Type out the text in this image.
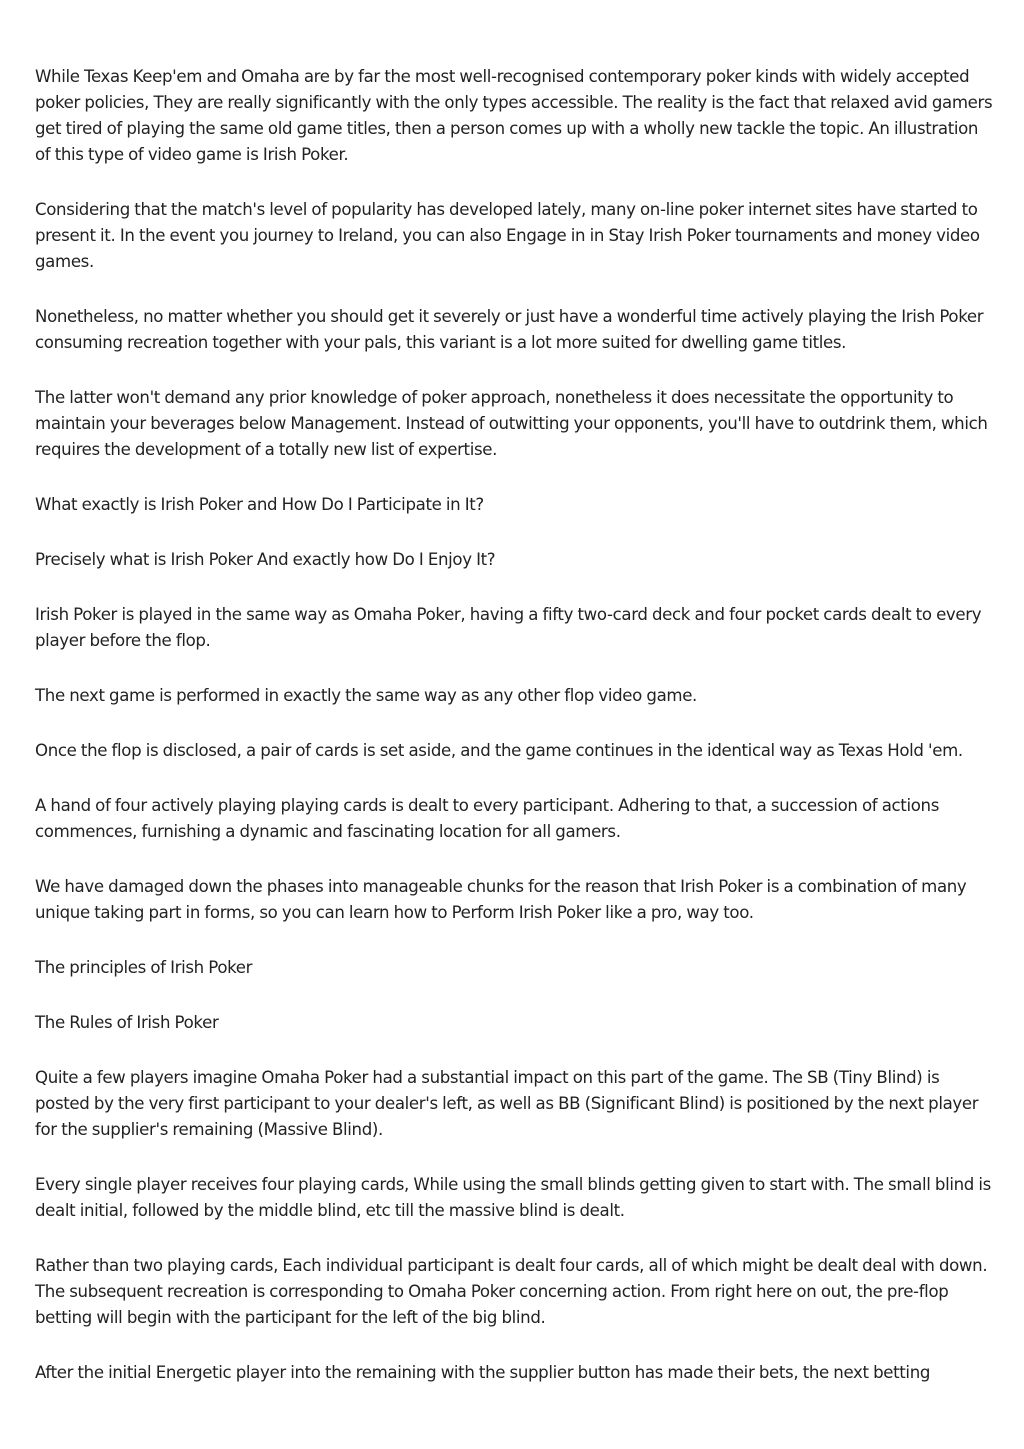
While Texas Keep'em and Omaha are by far the most well-recognised contemporary poker kinds with widely accepted poker policies, They are really significantly with the only types accessible. The reality is the fact that relaxed avid gamers get tired of playing the same old game titles, then a person comes up with a wholly new tackle the topic. An illustration of this type of video game is Irish Poker.

Considering that the match's level of popularity has developed lately, many on-line poker internet sites have started to present it. In the event you journey to Ireland, you can also Engage in in Stay Irish Poker tournaments and money video games.

Nonetheless, no matter whether you should get it severely or just have a wonderful time actively playing the Irish Poker consuming recreation together with your pals, this variant is a lot more suited for dwelling game titles.

The latter won't demand any prior knowledge of poker approach, nonetheless it does necessitate the opportunity to maintain your beverages below Management. Instead of outwitting your opponents, you'll have to outdrink them, which requires the development of a totally new list of expertise.

What exactly is Irish Poker and How Do I Participate in It?

Precisely what is Irish Poker And exactly how Do I Enjoy It?

Irish Poker is played in the same way as Omaha Poker, having a fifty two-card deck and four pocket cards dealt to every player before the flop.

The next game is performed in exactly the same way as any other flop video game.

Once the flop is disclosed, a pair of cards is set aside, and the game continues in the identical way as Texas Hold 'em.

A hand of four actively playing playing cards is dealt to every participant. Adhering to that, a succession of actions commences, furnishing a dynamic and fascinating location for all gamers.

We have damaged down the phases into manageable chunks for the reason that Irish Poker is a combination of many unique taking part in forms, so you can learn how to Perform Irish Poker like a pro, way too.

The principles of Irish Poker

The Rules of Irish Poker

Quite a few players imagine Omaha Poker had a substantial impact on this part of the game. The SB (Tiny Blind) is posted by the very first participant to your dealer's left, as well as BB (Significant Blind) is positioned by the next player for the supplier's remaining (Massive Blind).

Every single player receives four playing cards, While using the small blinds getting given to start with. The small blind is dealt initial, followed by the middle blind, etc till the massive blind is dealt.

Rather than two playing cards, Each individual participant is dealt four cards, all of which might be dealt deal with down. The subsequent recreation is corresponding to Omaha Poker concerning action. From right here on out, the pre-flop betting will begin with the participant for the left of the big blind.

After the initial Energetic player into the remaining with the supplier button has made their bets, the next betting
